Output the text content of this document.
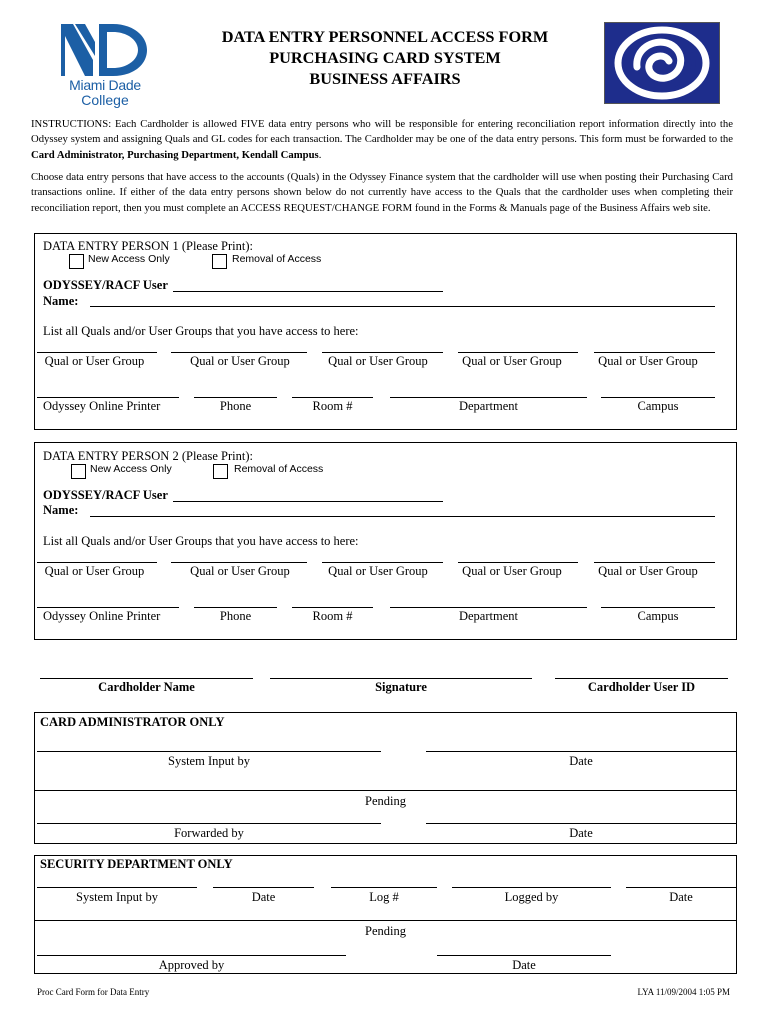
Miami Dade
College
DATA ENTRY PERSONNEL ACCESS FORM
PURCHASING CARD SYSTEM
BUSINESS AFFAIRS
INSTRUCTIONS: Each Cardholder is allowed FIVE data entry persons who will be responsible for entering reconciliation report information directly into the Odyssey system and assigning Quals and GL codes for each transaction. The Cardholder may be one of the data entry persons. This form must be forwarded to the Card Administrator, Purchasing Department, Kendall Campus.
Choose data entry persons that have access to the accounts (Quals) in the Odyssey Finance system that the cardholder will use when posting their Purchasing Card transactions online. If either of the data entry persons shown below do not currently have access to the Quals that the cardholder uses when completing their reconciliation report, then you must complete an ACCESS REQUEST/CHANGE FORM found in the Forms & Manuals page of the Business Affairs web site.
DATA ENTRY PERSON 1 (Please Print):
New Access Only	Removal of Access
ODYSSEY/RACF User
Name:
List all Quals and/or User Groups that you have access to here:
Qual or User Group	Qual or User Group	Qual or User Group	Qual or User Group	Qual or User Group
Odyssey Online Printer	Phone	Room #	Department	Campus
DATA ENTRY PERSON 2 (Please Print):
New Access Only	Removal of Access
ODYSSEY/RACF User
Name:
List all Quals and/or User Groups that you have access to here:
Qual or User Group	Qual or User Group	Qual or User Group	Qual or User Group	Qual or User Group
Odyssey Online Printer	Phone	Room #	Department	Campus
Cardholder Name	Signature	Cardholder User ID
CARD ADMINISTRATOR ONLY
System Input by	Date
Pending
Forwarded by	Date
SECURITY DEPARTMENT ONLY
System Input by	Date	Log #	Logged by	Date
Pending
Approved by	Date
Proc Card Form for Data Entry	LYA 11/09/2004 1:05 PM
